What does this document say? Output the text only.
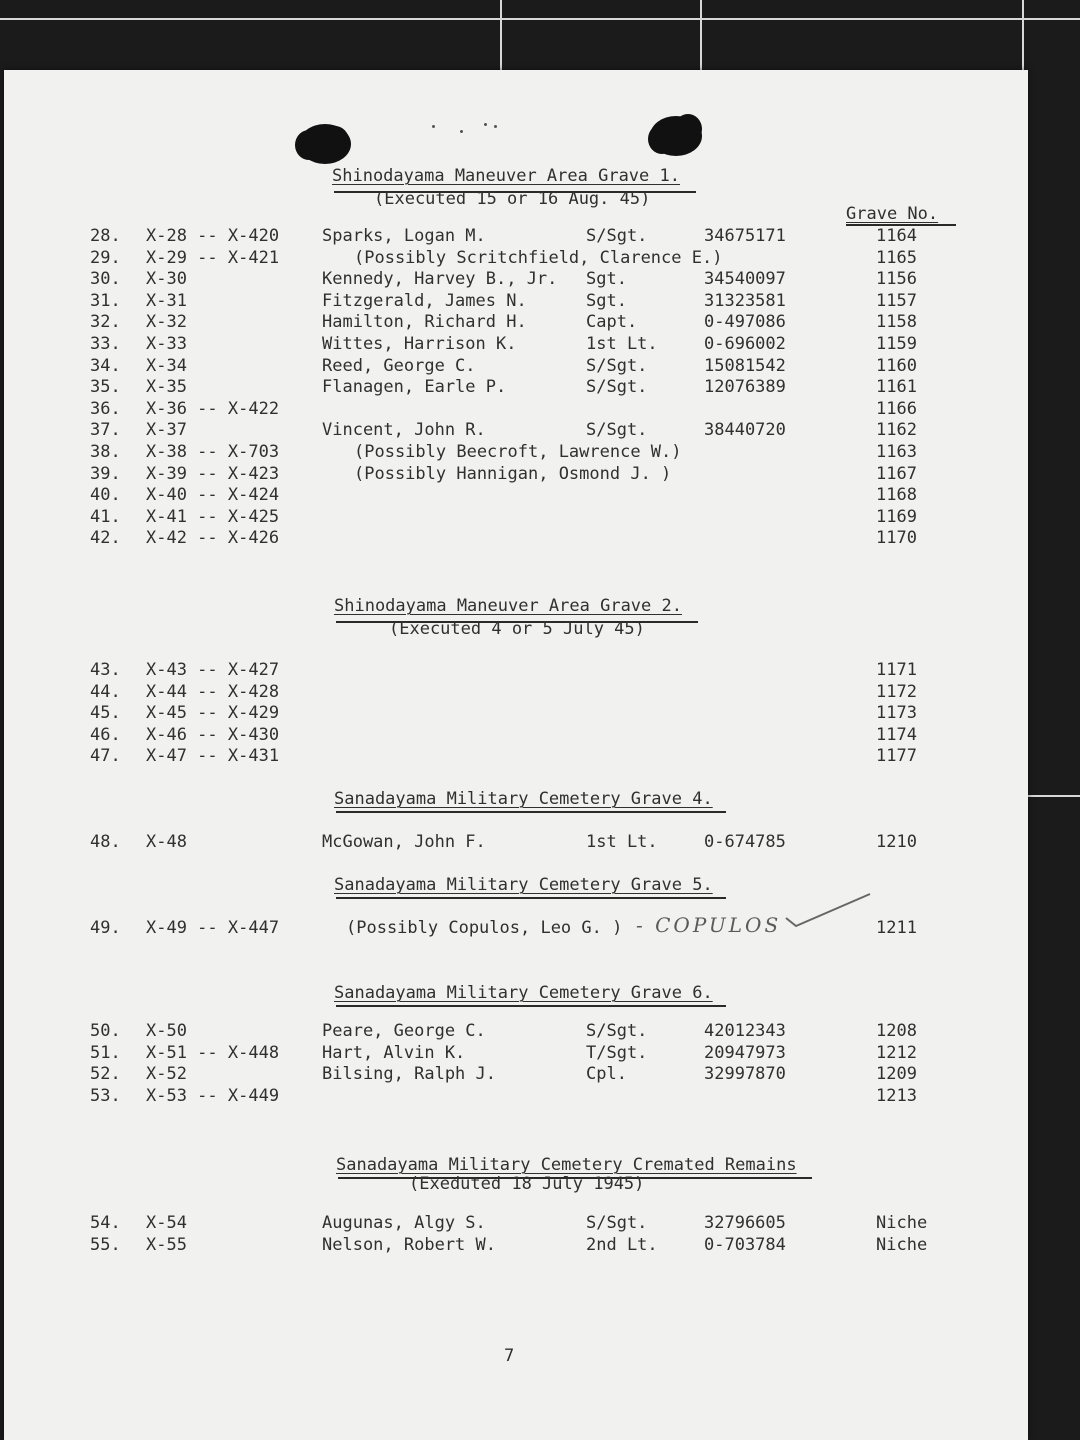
Shinodayama Maneuver Area Grave 1.
(Executed 15 or 16 Aug. 45)
Grave No.
28. X-28 -- X-420	Sparks, Logan M.	S/Sgt.	34675171	1164
29. X-29 -- X-421	(Possibly Scritchfield, Clarence E.)	1165
30. X-30	Kennedy, Harvey B., Jr. Sgt.	34540097	1156
31. X-31	Fitzgerald, James N.	Sgt.	31323581	1157
32. X-32	Hamilton, Richard H.	Capt.	0-497086	1158
33. X-33	Wittes, Harrison K.	1st Lt.	0-696002	1159
34. X-34	Reed, George C.	S/Sgt.	15081542	1160
35. X-35	Flanagen, Earle P.	S/Sgt.	12076389	1161
36. X-36 -- X-422	1166
37. X-37	Vincent, John R.	S/Sgt.	38440720	1162
38. X-38 -- X-703	(Possibly Beecroft, Lawrence W.)	1163
39. X-39 -- X-423	(Possibly Hannigan, Osmond J. )	1167
40. X-40 -- X-424	1168
41. X-41 -- X-425	1169
42. X-42 -- X-426	1170
Shinodayama Maneuver Area Grave 2.
(Executed 4 or 5 July 45)
43. X-43 -- X-427	1171
44. X-44 -- X-428	1172
45. X-45 -- X-429	1173
46. X-46 -- X-430	1174
47. X-47 -- X-431	1177
Sanadayama Military Cemetery Grave 4.
48. X-48	McGowan, John F.	1st Lt.	0-674785	1210
Sanadayama Military Cemetery Grave 5.
49. X-49 -- X-447	(Possibly Copulos, Leo G. )	1211
- COPULOS
Sanadayama Military Cemetery Grave 6.
50. X-50	Peare, George C.	S/Sgt.	42012343	1208
51. X-51 -- X-448	Hart, Alvin K.	T/Sgt.	20947973	1212
52. X-52	Bilsing, Ralph J.	Cpl.	32997870	1209
53. X-53 -- X-449	1213
Sanadayama Military Cemetery Cremated Remains
(Exeduted 18 July 1945)
54. X-54	Augunas, Algy S.	S/Sgt.	32796605	Niche
55. X-55	Nelson, Robert W.	2nd Lt.	0-703784	Niche
7
